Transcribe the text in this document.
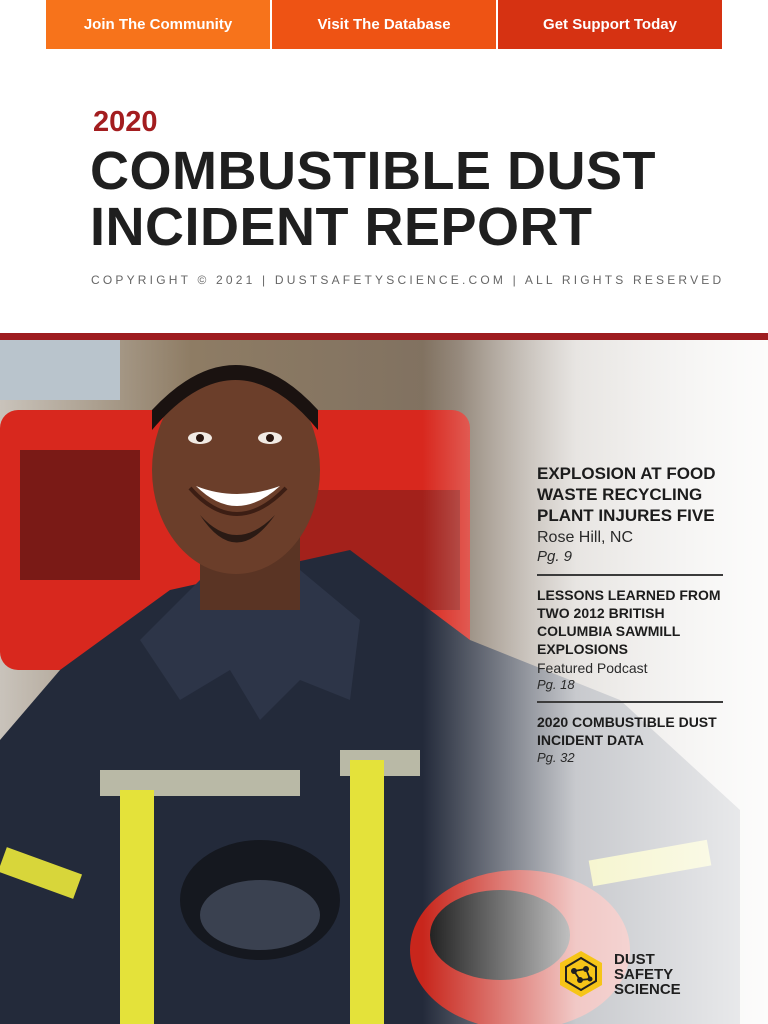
Join The Community	Visit The Database	Get Support Today
2020
COMBUSTIBLE DUST
INCIDENT REPORT
COPYRIGHT © 2021 | DUSTSAFETYSCIENCE.COM | ALL RIGHTS RESERVED
EXPLOSION AT FOOD WASTE RECYCLING PLANT INJURES FIVE
Rose Hill, NC
Pg. 9
LESSONS LEARNED FROM TWO 2012 BRITISH COLUMBIA SAWMILL EXPLOSIONS
Featured Podcast
Pg. 18
2020 COMBUSTIBLE DUST INCIDENT DATA
Pg. 32
DUST
SAFETY
SCIENCE
